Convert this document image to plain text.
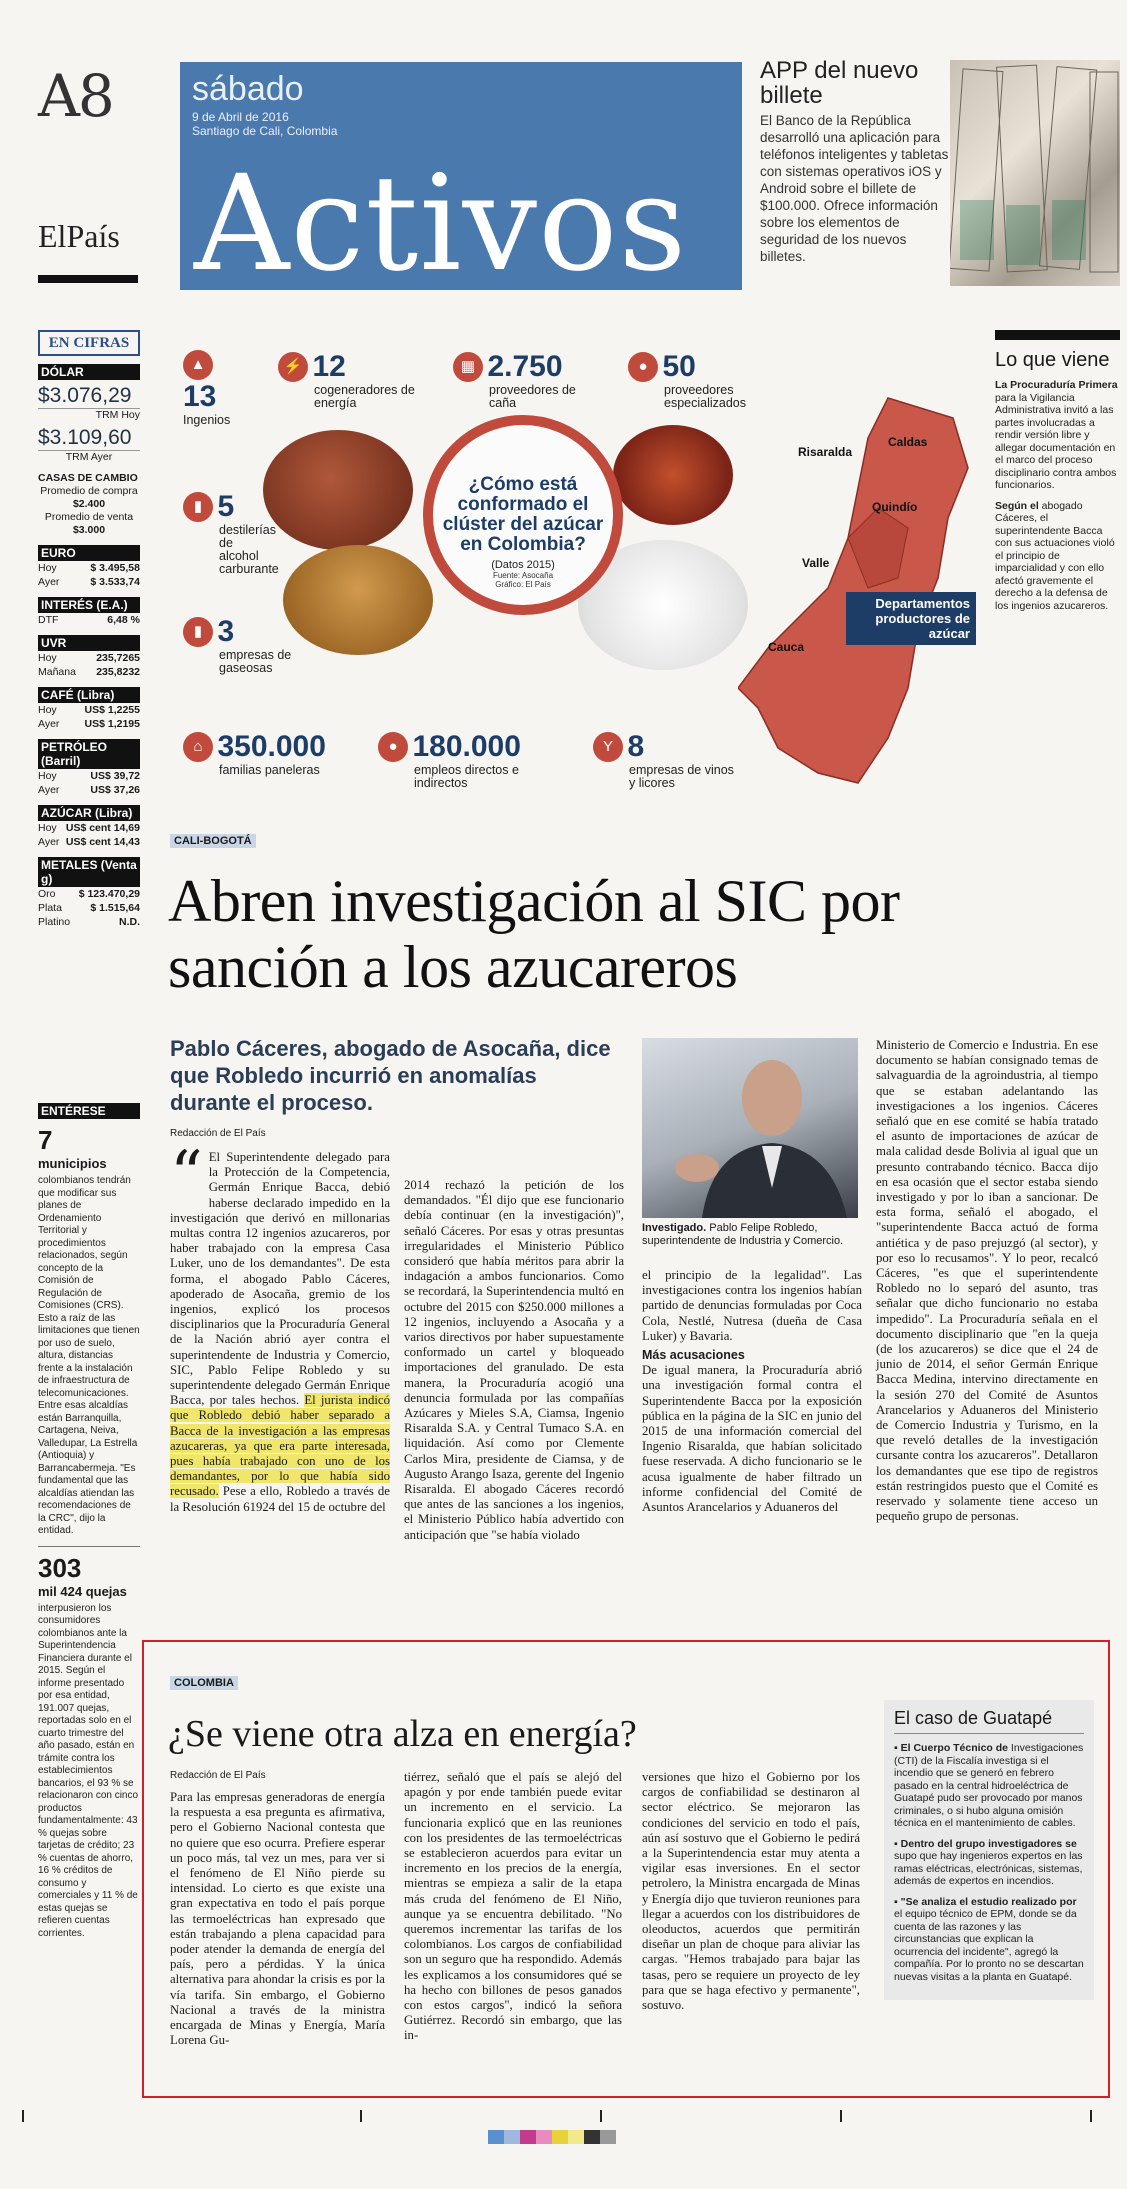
A8
ElPaís
sábado
9 de Abril de 2016
Santiago de Cali, Colombia
Activos
APP del nuevo billete
El Banco de la República desarrolló una aplicación para teléfonos inteligentes y tabletas con sistemas operativos iOS y Android sobre el billete de $100.000. Ofrece información sobre los elementos de seguridad de los nuevos billetes.
EN CIFRAS
DÓLAR
$3.076,29
TRM Hoy
$3.109,60
TRM Ayer
CASAS DE CAMBIO
Promedio de compra
$2.400
Promedio de venta
$3.000
EURO
Hoy	$ 3.495,58
Ayer	$ 3.533,74
INTERÉS (E.A.)
DTF	6,48 %
UVR
Hoy	235,7265
Mañana 235,8232
CAFÉ (Libra)
Hoy	US$ 1,2255
Ayer US$ 1,2195
PETRÓLEO (Barril)
Hoy	US$ 39,72
Ayer	US$ 37,26
AZÚCAR (Libra)
Hoy US$ cent 14,69
Ayer US$ cent 14,43
METALES (Venta g)
Oro $ 123.470,29
Plata	$ 1.515,64
Platino	N.D.
ENTÉRESE
7
municipios
colombianos tendrán que modificar sus planes de Ordenamiento Territorial y procedimientos relacionados, según concepto de la Comisión de Regulación de Comisiones (CRS). Esto a raíz de las limitaciones que tienen por uso de suelo, altura, distancias frente a la instalación de infraestructura de telecomunicaciones. Entre esas alcaldías están Barranquilla, Cartagena, Neiva, Valledupar, La Estrella (Antioquia) y Barrancabermeja. "Es fundamental que las alcaldías atiendan las recomendaciones de la CRC", dijo la entidad.
303
mil 424 quejas
interpusieron los consumidores colombianos ante la Superintendencia Financiera durante el 2015. Según el informe presentado por esa entidad, 191.007 quejas, reportadas solo en el cuarto trimestre del año pasado, están en trámite contra los establecimientos bancarios, el 93 % se relacionaron con cinco productos fundamentalmente: 43 % quejas sobre tarjetas de crédito; 23 % cuentas de ahorro, 16 % créditos de consumo y comerciales y 11 % de estas quejas se refieren cuentas corrientes.
▲
13
Ingenios
⚡ 12
cogeneradores de energía
▦ 2.750
proveedores de caña
● 50
proveedores especializados
▮ 5
destilerías de alcohol carburante
▮ 3
empresas de gaseosas
⌂ 350.000
familias paneleras
● 180.000
empleos directos e indirectos
Y 8
empresas de vinos y licores
¿Cómo está conformado el clúster del azúcar en Colombia?
(Datos 2015)
Fuente: Asocaña
Gráfico: El País
Risaralda
Caldas
Quindío
Valle
Cauca
Departamentos productores de azúcar
Lo que viene

La Procuraduría Primera para la Vigilancia Administrativa invitó a las partes involucradas a rendir versión libre y allegar documentación en el marco del proceso disciplinario contra ambos funcionarios.

Según el abogado Cáceres, el superintendente Bacca con sus actuaciones violó el principio de imparcialidad y con ello afectó gravemente el derecho a la defensa de los ingenios azucareros.

CALI-BOGOTÁ
Abren investigación al SIC por sanción a los azucareros
Pablo Cáceres, abogado de Asocaña, dice que Robledo incurrió en anomalías durante el proceso.
Investigado. Pablo Felipe Robledo, superintendente de Industria y Comercio.
Redacción de El País
“ El Superintendente delegado para la Protección de la Competencia, Germán Enrique Bacca, debió haberse declarado impedido en la investigación que derivó en millonarias multas contra 12 ingenios azucareros, por haber trabajado con la empresa Casa Luker, uno de los demandantes". De esta forma, el abogado Pablo Cáceres, apoderado de Asocaña, gremio de los ingenios, explicó los procesos disciplinarios que la Procuraduría General de la Nación abrió ayer contra el superintendente de Industria y Comercio, SIC, Pablo Felipe Robledo y su superintendente delegado Germán Enrique Bacca, por tales hechos. El jurista indicó que Robledo debió haber separado a Bacca de la investigación a las empresas azucareras, ya que era parte interesada, pues había trabajado con uno de los demandantes, por lo que había sido recusado. Pese a ello, Robledo a través de la Resolución 61924 del 15 de octubre del
2014 rechazó la petición de los demandados. "Él dijo que ese funcionario debía continuar (en la investigación)", señaló Cáceres. Por esas y otras presuntas irregularidades el Ministerio Público consideró que había méritos para abrir la indagación a ambos funcionarios. Como se recordará, la Superintendencia multó en octubre del 2015 con $250.000 millones a 12 ingenios, incluyendo a Asocaña y a varios directivos por haber supuestamente conformado un cartel y bloqueado importaciones del granulado. De esta manera, la Procuraduría acogió una denuncia formulada por las compañías Azúcares y Mieles S.A, Ciamsa, Ingenio Risaralda S.A. y Central Tumaco S.A. en liquidación. Así como por Clemente Carlos Mira, presidente de Ciamsa, y de Augusto Arango Isaza, gerente del Ingenio Risaralda. El abogado Cáceres recordó que antes de las sanciones a los ingenios, el Ministerio Público había advertido con anticipación que "se había violado
el principio de la legalidad". Las investigaciones contra los ingenios habían partido de denuncias formuladas por Coca Cola, Nestlé, Nutresa (dueña de Casa Luker) y Bavaria.
Más acusaciones
De igual manera, la Procuraduría abrió una investigación formal contra el Superintendente Bacca por la exposición pública en la página de la SIC en junio del 2015 de una información comercial del Ingenio Risaralda, que habían solicitado fuese reservada. A dicho funcionario se le acusa igualmente de haber filtrado un informe confidencial del Comité de Asuntos Arancelarios y Aduaneros del
Ministerio de Comercio e Industria. En ese documento se habían consignado temas de salvaguardia de la agroindustria, al tiempo que se estaban adelantando las investigaciones a los ingenios. Cáceres señaló que en ese comité se había tratado el asunto de importaciones de azúcar de mala calidad desde Bolivia al igual que un presunto contrabando técnico. Bacca dijo en esa ocasión que el sector estaba siendo investigado y por lo iban a sancionar. De esta forma, señaló el abogado, el "superintendente Bacca actuó de forma antiética y de paso prejuzgó (al sector), y por eso lo recusamos". Y lo peor, recalcó Cáceres, "es que el superintendente Robledo no lo separó del asunto, tras señalar que dicho funcionario no estaba impedido". La Procuraduría señala en el documento disciplinario que "en la queja (de los azucareros) se dice que el 24 de junio de 2014, el señor Germán Enrique Bacca Medina, intervino directamente en la sesión 270 del Comité de Asuntos Arancelarios y Aduaneros del Ministerio de Comercio Industria y Turismo, en la que reveló detalles de la investigación cursante contra los azucareros". Detallaron los demandantes que ese tipo de registros están restringidos puesto que el Comité es reservado y solamente tiene acceso un pequeño grupo de personas.
COLOMBIA
¿Se viene otra alza en energía?
Redacción de El País
Para las empresas generadoras de energía la respuesta a esa pregunta es afirmativa, pero el Gobierno Nacional contesta que no quiere que eso ocurra. Prefiere esperar un poco más, tal vez un mes, para ver si el fenómeno de El Niño pierde su intensidad. Lo cierto es que existe una gran expectativa en todo el país porque las termoeléctricas han expresado que están trabajando a plena capacidad para poder atender la demanda de energía del país, pero a pérdidas. Y la única alternativa para ahondar la crisis es por la vía tarifa. Sin embargo, el Gobierno Nacional a través de la ministra encargada de Minas y Energía, María Lorena Gu-
tiérrez, señaló que el país se alejó del apagón y por ende también puede evitar un incremento en el servicio. La funcionaria explicó que en las reuniones con los presidentes de las termoeléctricas se establecieron acuerdos para evitar un incremento en los precios de la energía, mientras se empieza a salir de la etapa más cruda del fenómeno de El Niño, aunque ya se encuentra debilitado. "No queremos incrementar las tarifas de los colombianos. Los cargos de confiabilidad son un seguro que ha respondido. Además les explicamos a los consumidores qué se ha hecho con billones de pesos ganados con estos cargos", indicó la señora Gutiérrez. Recordó sin embargo, que las in-
versiones que hizo el Gobierno por los cargos de confiabilidad se destinaron al sector eléctrico. Se mejoraron las condiciones del servicio en todo el país, aún así sostuvo que el Gobierno le pedirá a la Superintendencia estar muy atenta a vigilar esas inversiones. En el sector petrolero, la Ministra encargada de Minas y Energía dijo que tuvieron reuniones para llegar a acuerdos con los distribuidores de oleoductos, acuerdos que permitirán diseñar un plan de choque para aliviar las cargas. "Hemos trabajado para bajar las tasas, pero se requiere un proyecto de ley para que se haga efectivo y permanente", sostuvo.
El caso de Guatapé

▪ El Cuerpo Técnico de Investigaciones (CTI) de la Fiscalía investiga si el incendio que se generó en febrero pasado en la central hidroeléctrica de Guatapé pudo ser provocado por manos criminales, o si hubo alguna omisión técnica en el mantenimiento de cables.

▪ Dentro del grupo investigadores se supo que hay ingenieros expertos en las ramas eléctricas, electrónicas, sistemas, además de expertos en incendios.

▪ "Se analiza el estudio realizado por el equipo técnico de EPM, donde se da cuenta de las razones y las circunstancias que explican la ocurrencia del incidente", agregó la compañía. Por lo pronto no se descartan nuevas visitas a la planta en Guatapé.
